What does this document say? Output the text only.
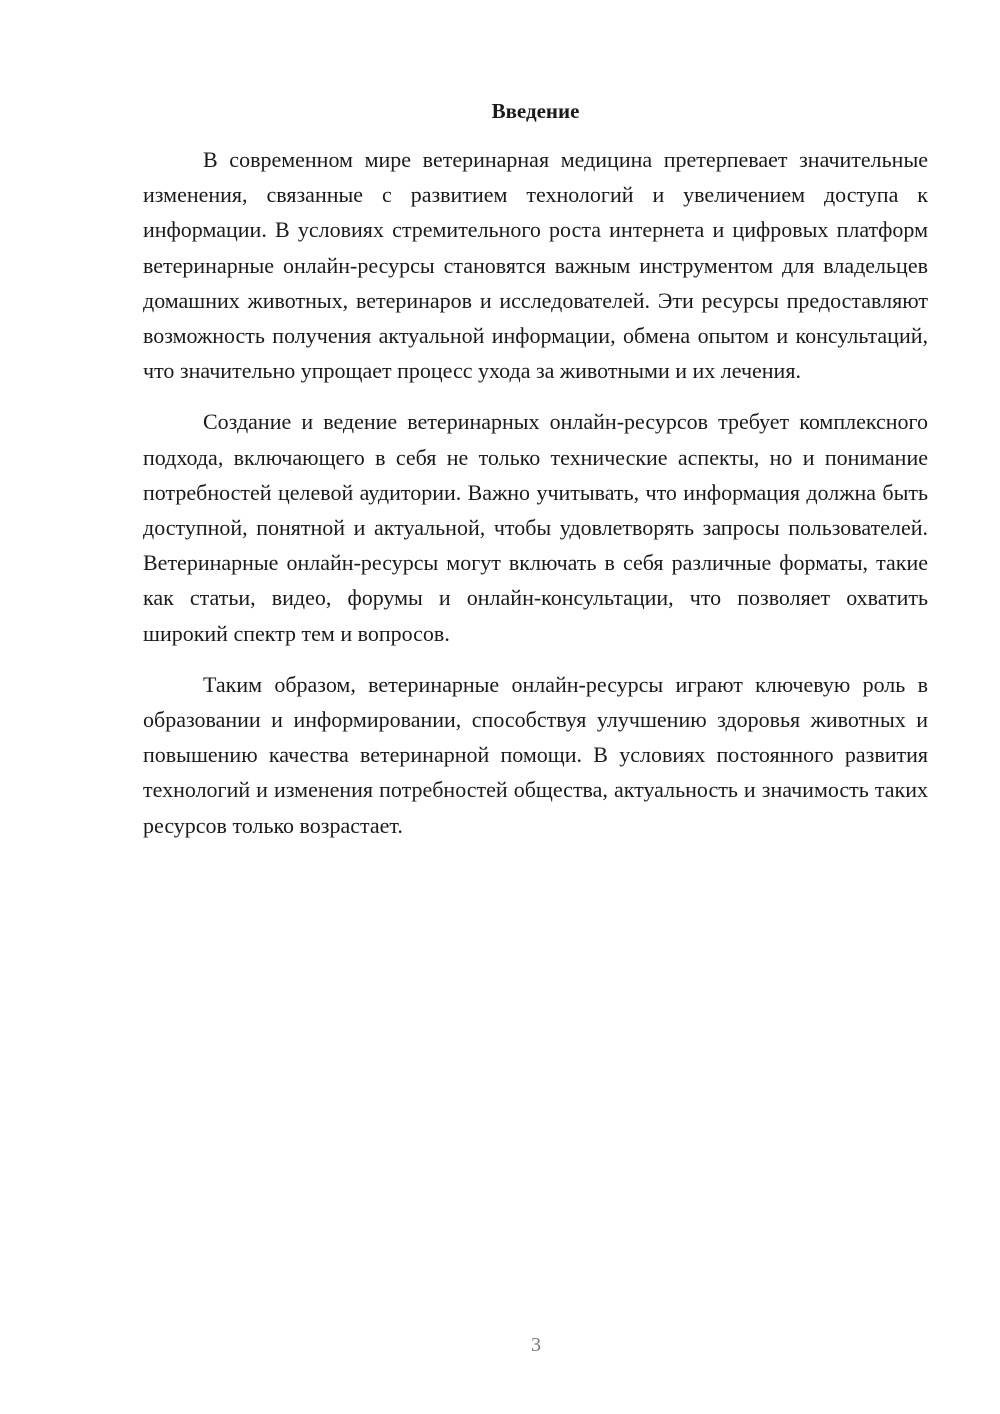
Введение

В современном мире ветеринарная медицина претерпевает значительные изменения, связанные с развитием технологий и увеличением доступа к информации. В условиях стремительного роста интернета и цифровых платформ ветеринарные онлайн-ресурсы становятся важным инструментом для владельцев домашних животных, ветеринаров и исследователей. Эти ресурсы предоставляют возможность получения актуальной информации, обмена опытом и консультаций, что значительно упрощает процесс ухода за животными и их лечения.

Создание и ведение ветеринарных онлайн-ресурсов требует комплексного подхода, включающего в себя не только технические аспекты, но и понимание потребностей целевой аудитории. Важно учитывать, что информация должна быть доступной, понятной и актуальной, чтобы удовлетворять запросы пользователей. Ветеринарные онлайн-ресурсы могут включать в себя различные форматы, такие как статьи, видео, форумы и онлайн-консультации, что позволяет охватить широкий спектр тем и вопросов.

Таким образом, ветеринарные онлайн-ресурсы играют ключевую роль в образовании и информировании, способствуя улучшению здоровья животных и повышению качества ветеринарной помощи. В условиях постоянного развития технологий и изменения потребностей общества, актуальность и значимость таких ресурсов только возрастает.

3
